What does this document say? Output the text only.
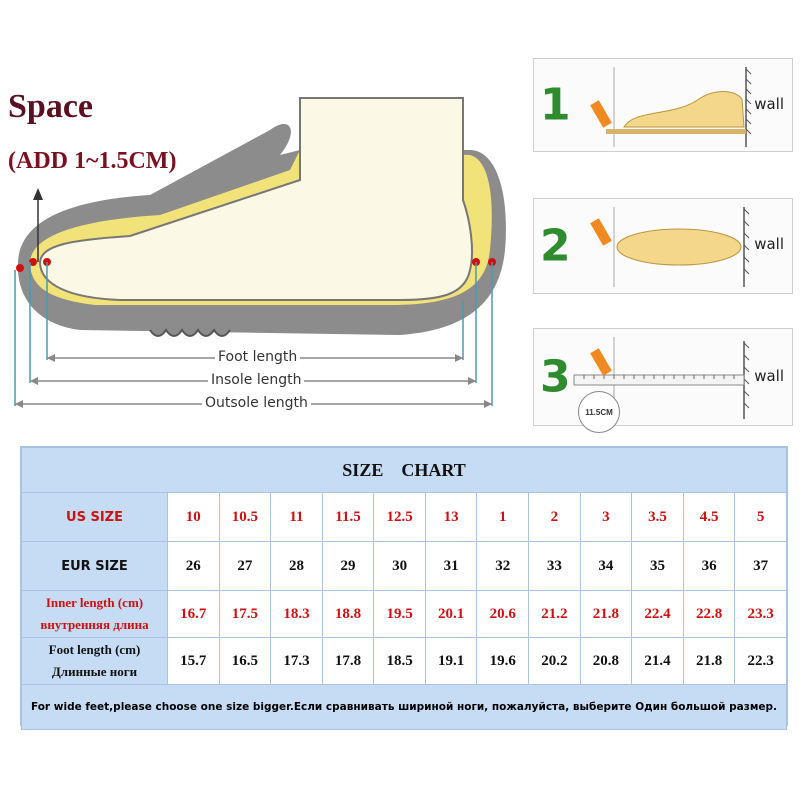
Space
(ADD 1~1.5CM)
Foot length
Insole length
Outsole length
1	wall
2	wall
3	wall
11.5CM
SIZE    CHART												

US SIZE	10	10.5	11	11.5	12.5	13	1	2	3	3.5	4.5	5

EUR SIZE	26	27	28	29	30	31	32	33	34	35	36	37

Inner length (cm)
внутренняя длина	16.7	17.5	18.3	18.8	19.5	20.1	20.6	21.2	21.8	22.4	22.8	23.3

Foot length (cm)
Длинные ноги	15.7	16.5	17.3	17.8	18.5	19.1	19.6	20.2	20.8	21.4	21.8	22.3
For wide feet,please choose one size bigger.Если сравнивать шириной ноги, пожалуйста, выберите Один большой размер.												
